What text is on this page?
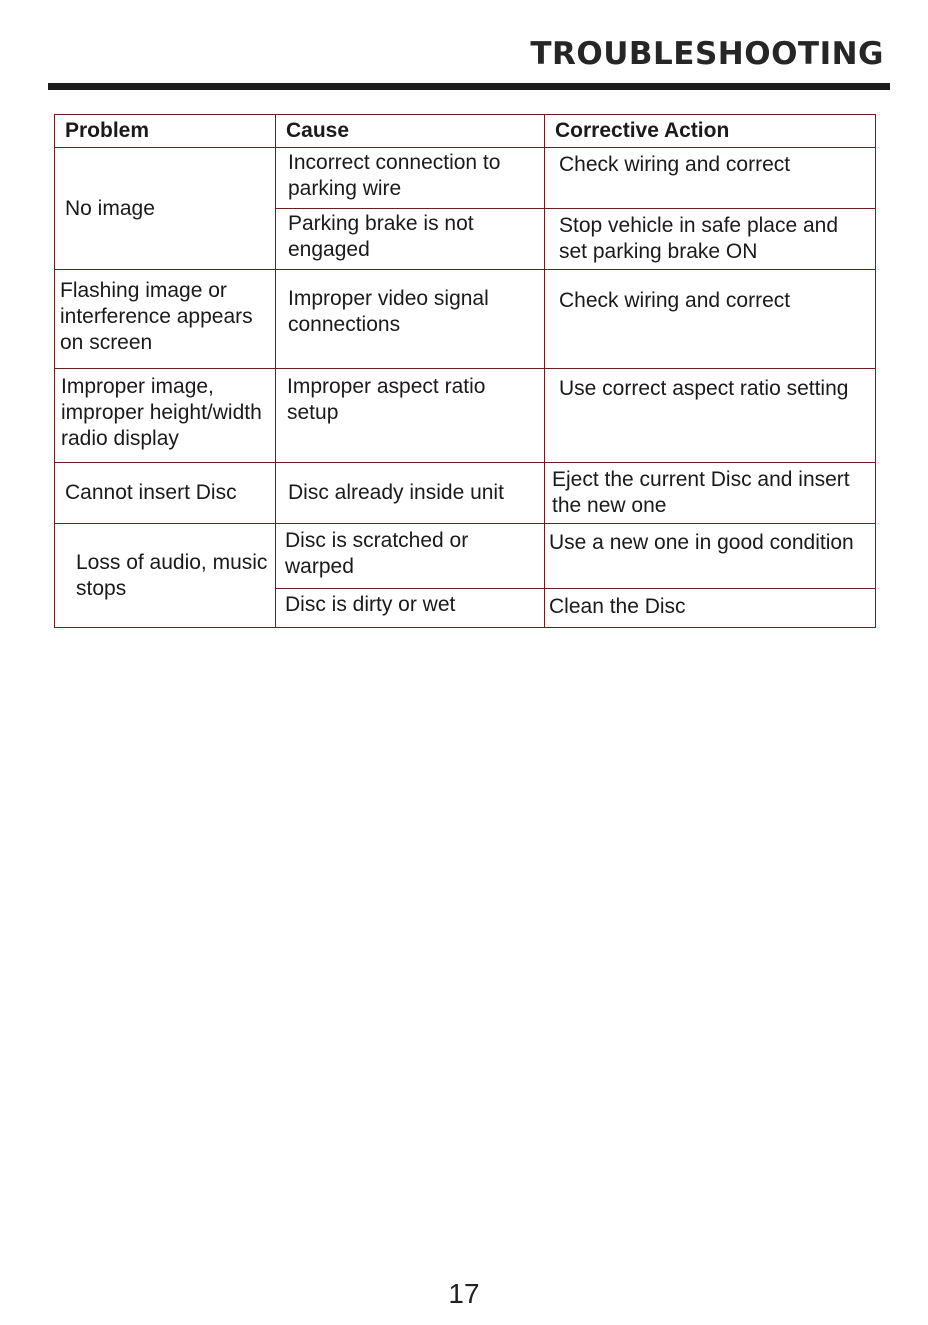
TROUBLESHOOTING
Problem	Cause	Corrective Action
No image	Incorrect connection to parking wire	Check wiring and correct
	Parking brake is not engaged	Stop vehicle in safe place and set parking brake ON
Flashing image or interference appears on screen	Improper video signal connections	Check wiring and correct
Improper image, improper height/width radio display	Improper aspect ratio setup	Use correct aspect ratio setting
Cannot insert Disc	Disc already inside unit	Eject the current Disc and insert the new one
Loss of audio, music stops	Disc is scratched or warped	Use a new one in good condition
	Disc is dirty or wet	Clean the Disc
17
